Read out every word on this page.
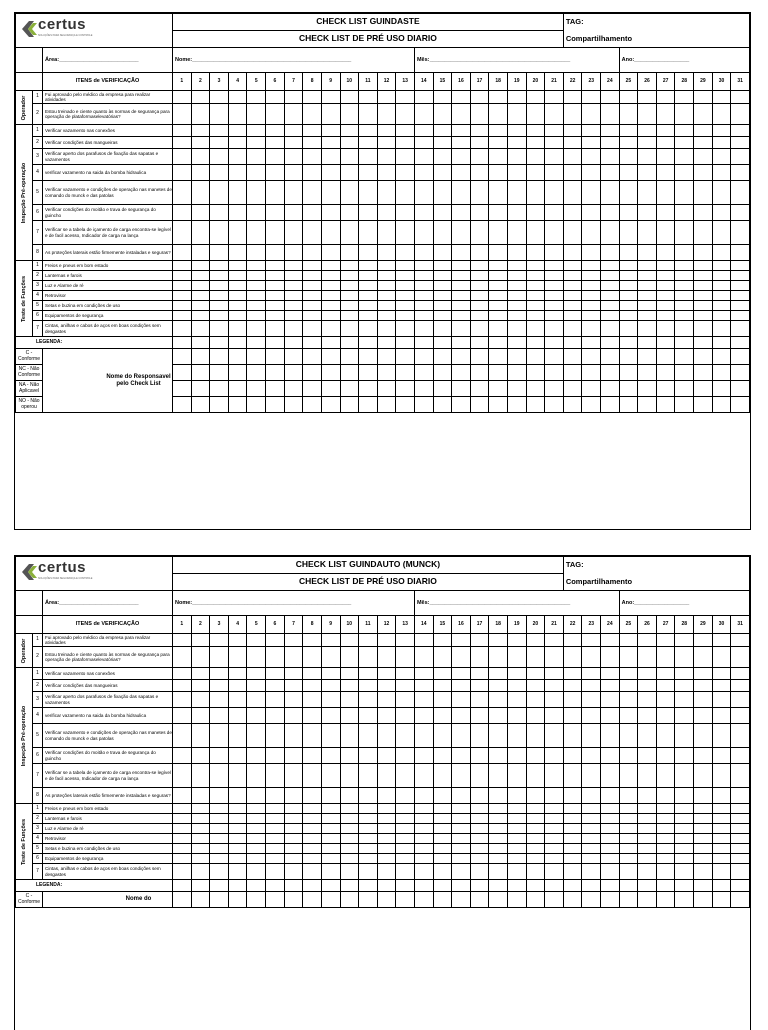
certus
SOLUÇÕES PARA SEGURANÇA E CONTROLE			CHECK LIST GUINDASTE																					TAG:									
			CHECK LIST DE PRÉ USO DIARIO																					Compartilhamento									
		Área:__________________________	Nome:____________________________________________________													Mês:______________________________________________											Ano:__________________						
		ITENS de VERIFICAÇÃO	1	2	3	4	5	6	7	8	9	10	11	12	13	14	15	16	17	18	19	20	21	22	23	24	25	26	27	28	29	30	31

Operador	1	Fui aprovado pelo médico da empresa para realizar atividades																															
	2	Estou treinado e ciente quanto às normas de segurança para operação de plataformaselevatórias?																															

Inspeção Pré-operação	1	Verificar vazamento nas conexões																															
	2	Verificar condições das mangueiras																															
	3	Verificar aperto dos parafusos de fixação das sapatas e vazamentos																															
	4	verificar vazamento na saida da bomba hidraulica																															
	5	Verificar vazamento e condições de operação nas manetes de comando do munck e das patolas																															
	6	Verificar condições do moitão e trava de segurança do guincho																															
	7	Verificar se a tabela de içamento de carga encontra-se legível e de facil acesso, Indicador de carga na lança																															
	8	As proteções laterais estão firmemente instaladas e seguras?																															

Teste de Funções	1	Freios e pneus em bom estado																															
	2	Lanternas e farois																															
	3	Luz e Alarme de ré																															
	4	Retrovisor																															
	5	Setas e buzina em condições de uso																															
	6	Equipamentos de segurança																															
	7	Cintas, anilhas e cabos de aços em boas condições sem desgastes																															
LEGENDA:																																	
C - Conforme		Nome do Responsavel pelo Check List																															
NC - Não Conforme																																	
NA - Não Aplicavel																																	
NO - Não operou																																	
certus
SOLUÇÕES PARA SEGURANÇA E CONTROLE			CHECK LIST GUINDAUTO (MUNCK)																					TAG:									
			CHECK LIST DE PRÉ USO DIARIO																					Compartilhamento									
		Área:__________________________	Nome:____________________________________________________													Mês:______________________________________________											Ano:__________________						
		ITENS de VERIFICAÇÃO	1	2	3	4	5	6	7	8	9	10	11	12	13	14	15	16	17	18	19	20	21	22	23	24	25	26	27	28	29	30	31

Operador	1	Fui aprovado pelo médico da empresa para realizar atividades																															
	2	Estou treinado e ciente quanto às normas de segurança para operação de plataformaselevatórias?																															

Inspeção Pré-operação	1	Verificar vazamento nas conexões																															
	2	Verificar condições das mangueiras																															
	3	Verificar aperto dos parafusos de fixação das sapatas e vazamentos																															
	4	verificar vazamento na saida da bomba hidraulica																															
	5	Verificar vazamento e condições de operação nas manetes de comando do munck e das patolas																															
	6	Verificar condições do moitão e trava de segurança do guincho																															
	7	Verificar se a tabela de içamento de carga encontra-se legível e de facil acesso, Indicador de carga na lança																															
	8	As proteções laterais estão firmemente instaladas e seguras?																															

Teste de Funções	1	Freios e pneus em bom estado																															
	2	Lanternas e farois																															
	3	Luz e Alarme de ré																															
	4	Retrovisor																															
	5	Setas e buzina em condições de uso																															
	6	Equipamentos de segurança																															
	7	Cintas, anilhas e cabos de aços em boas condições sem desgastes																															
LEGENDA:																																	
C - Conforme		Nome do																															
